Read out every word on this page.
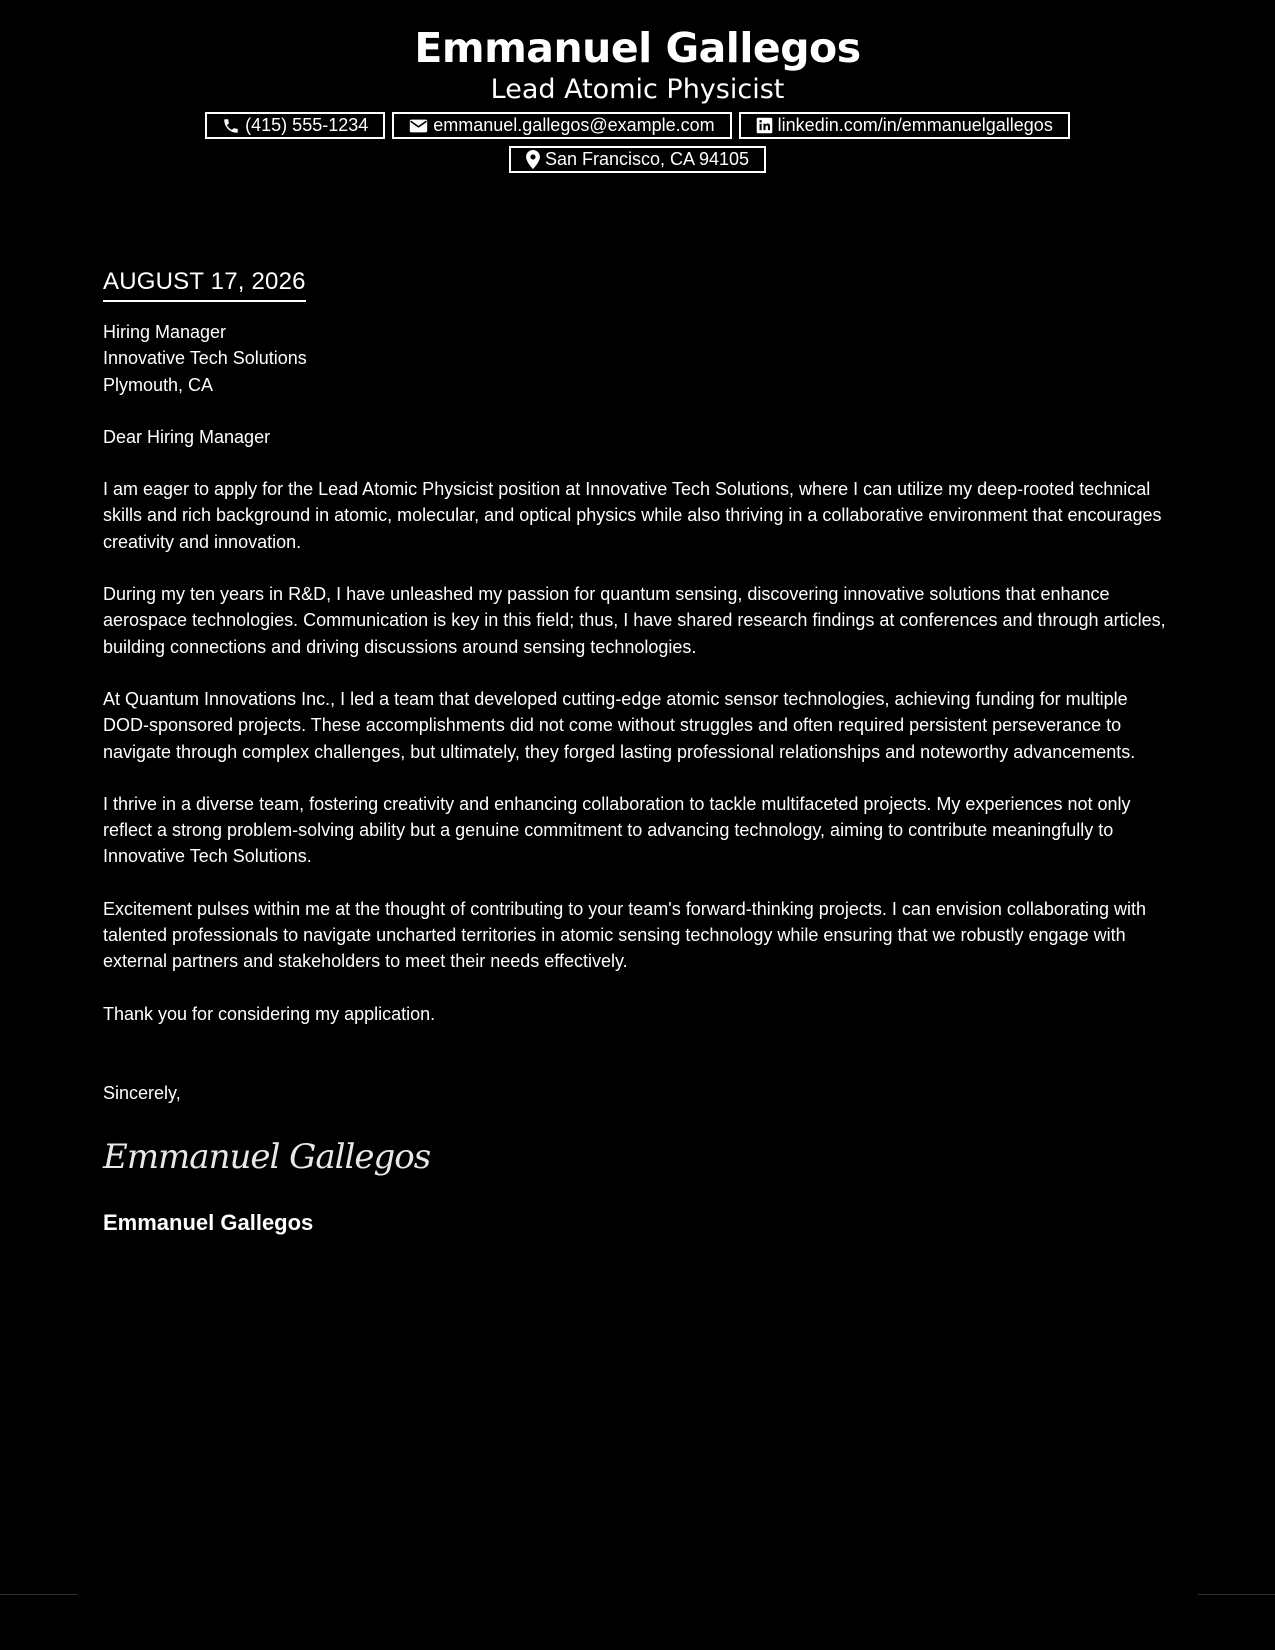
Emmanuel Gallegos
Lead Atomic Physicist
(415) 555-1234	emmanuel.gallegos@example.com	linkedin.com/in/emmanuelgallegos
San Francisco, CA 94105
AUGUST 17, 2026
Hiring Manager
Innovative Tech Solutions
Plymouth, CA
Dear Hiring Manager

I am eager to apply for the Lead Atomic Physicist position at Innovative Tech Solutions, where I can utilize my deep-rooted technical skills and rich background in atomic, molecular, and optical physics while also thriving in a collaborative environment that encourages creativity and innovation.

During my ten years in R&D, I have unleashed my passion for quantum sensing, discovering innovative solutions that enhance aerospace technologies. Communication is key in this field; thus, I have shared research findings at conferences and through articles, building connections and driving discussions around sensing technologies.

At Quantum Innovations Inc., I led a team that developed cutting-edge atomic sensor technologies, achieving funding for multiple DOD-sponsored projects. These accomplishments did not come without struggles and often required persistent perseverance to navigate through complex challenges, but ultimately, they forged lasting professional relationships and noteworthy advancements.

I thrive in a diverse team, fostering creativity and enhancing collaboration to tackle multifaceted projects. My experiences not only reflect a strong problem-solving ability but a genuine commitment to advancing technology, aiming to contribute meaningfully to Innovative Tech Solutions.

Excitement pulses within me at the thought of contributing to your team's forward-thinking projects. I can envision collaborating with talented professionals to navigate uncharted territories in atomic sensing technology while ensuring that we robustly engage with external partners and stakeholders to meet their needs effectively.

Thank you for considering my application.

Sincerely,
Emmanuel Gallegos
Emmanuel Gallegos
